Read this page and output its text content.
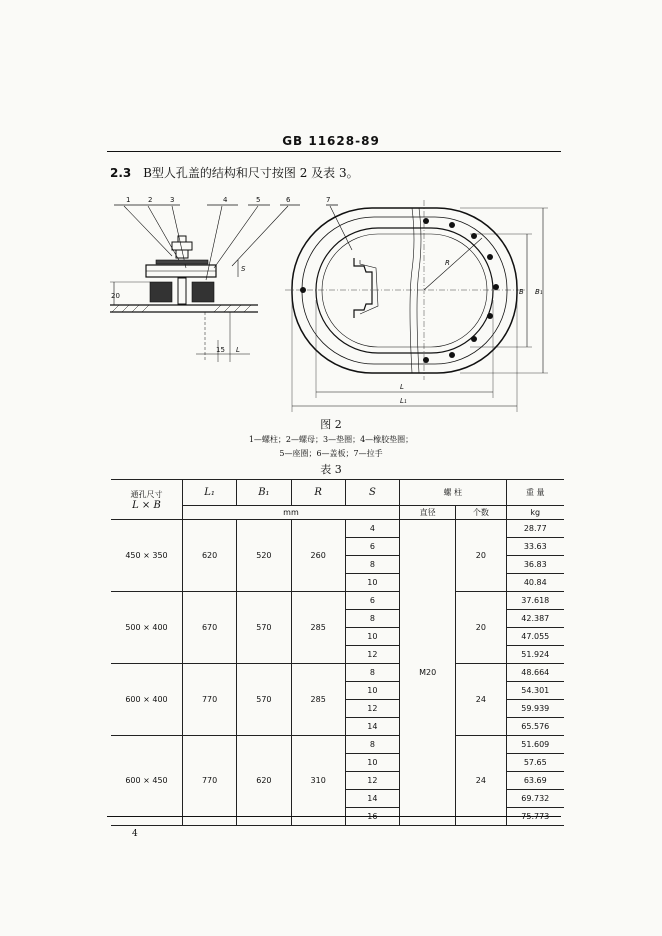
GB 11628-89
2.3 B型人孔盖的结构和尺寸按图 2 及表 3。
1	2	3	4	5	6	7
20
S
15 L
R
B B₁
L
L₁
图 2
1—螺柱；2—螺母；3—垫圈；4—橡胶垫圈；
5—座圈；6—盖板；7—拉手
表 3
通孔尺寸
L × B	L₁	B₁	R	S	螺 柱		重 量
	mm				直径	个数	kg
450 × 350	620	520	260	4	M20	20	28.77
				6			33.63
				8			36.83
				10			40.84
500 × 400	670	570	285	6		20	37.618
				8			42.387
				10			47.055
				12			51.924
600 × 400	770	570	285	8		24	48.664
				10			54.301
				12			59.939
				14			65.576
600 × 450	770	620	310	8		24	51.609
				10			57.65
				12			63.69
				14			69.732
				16			75.773
4
